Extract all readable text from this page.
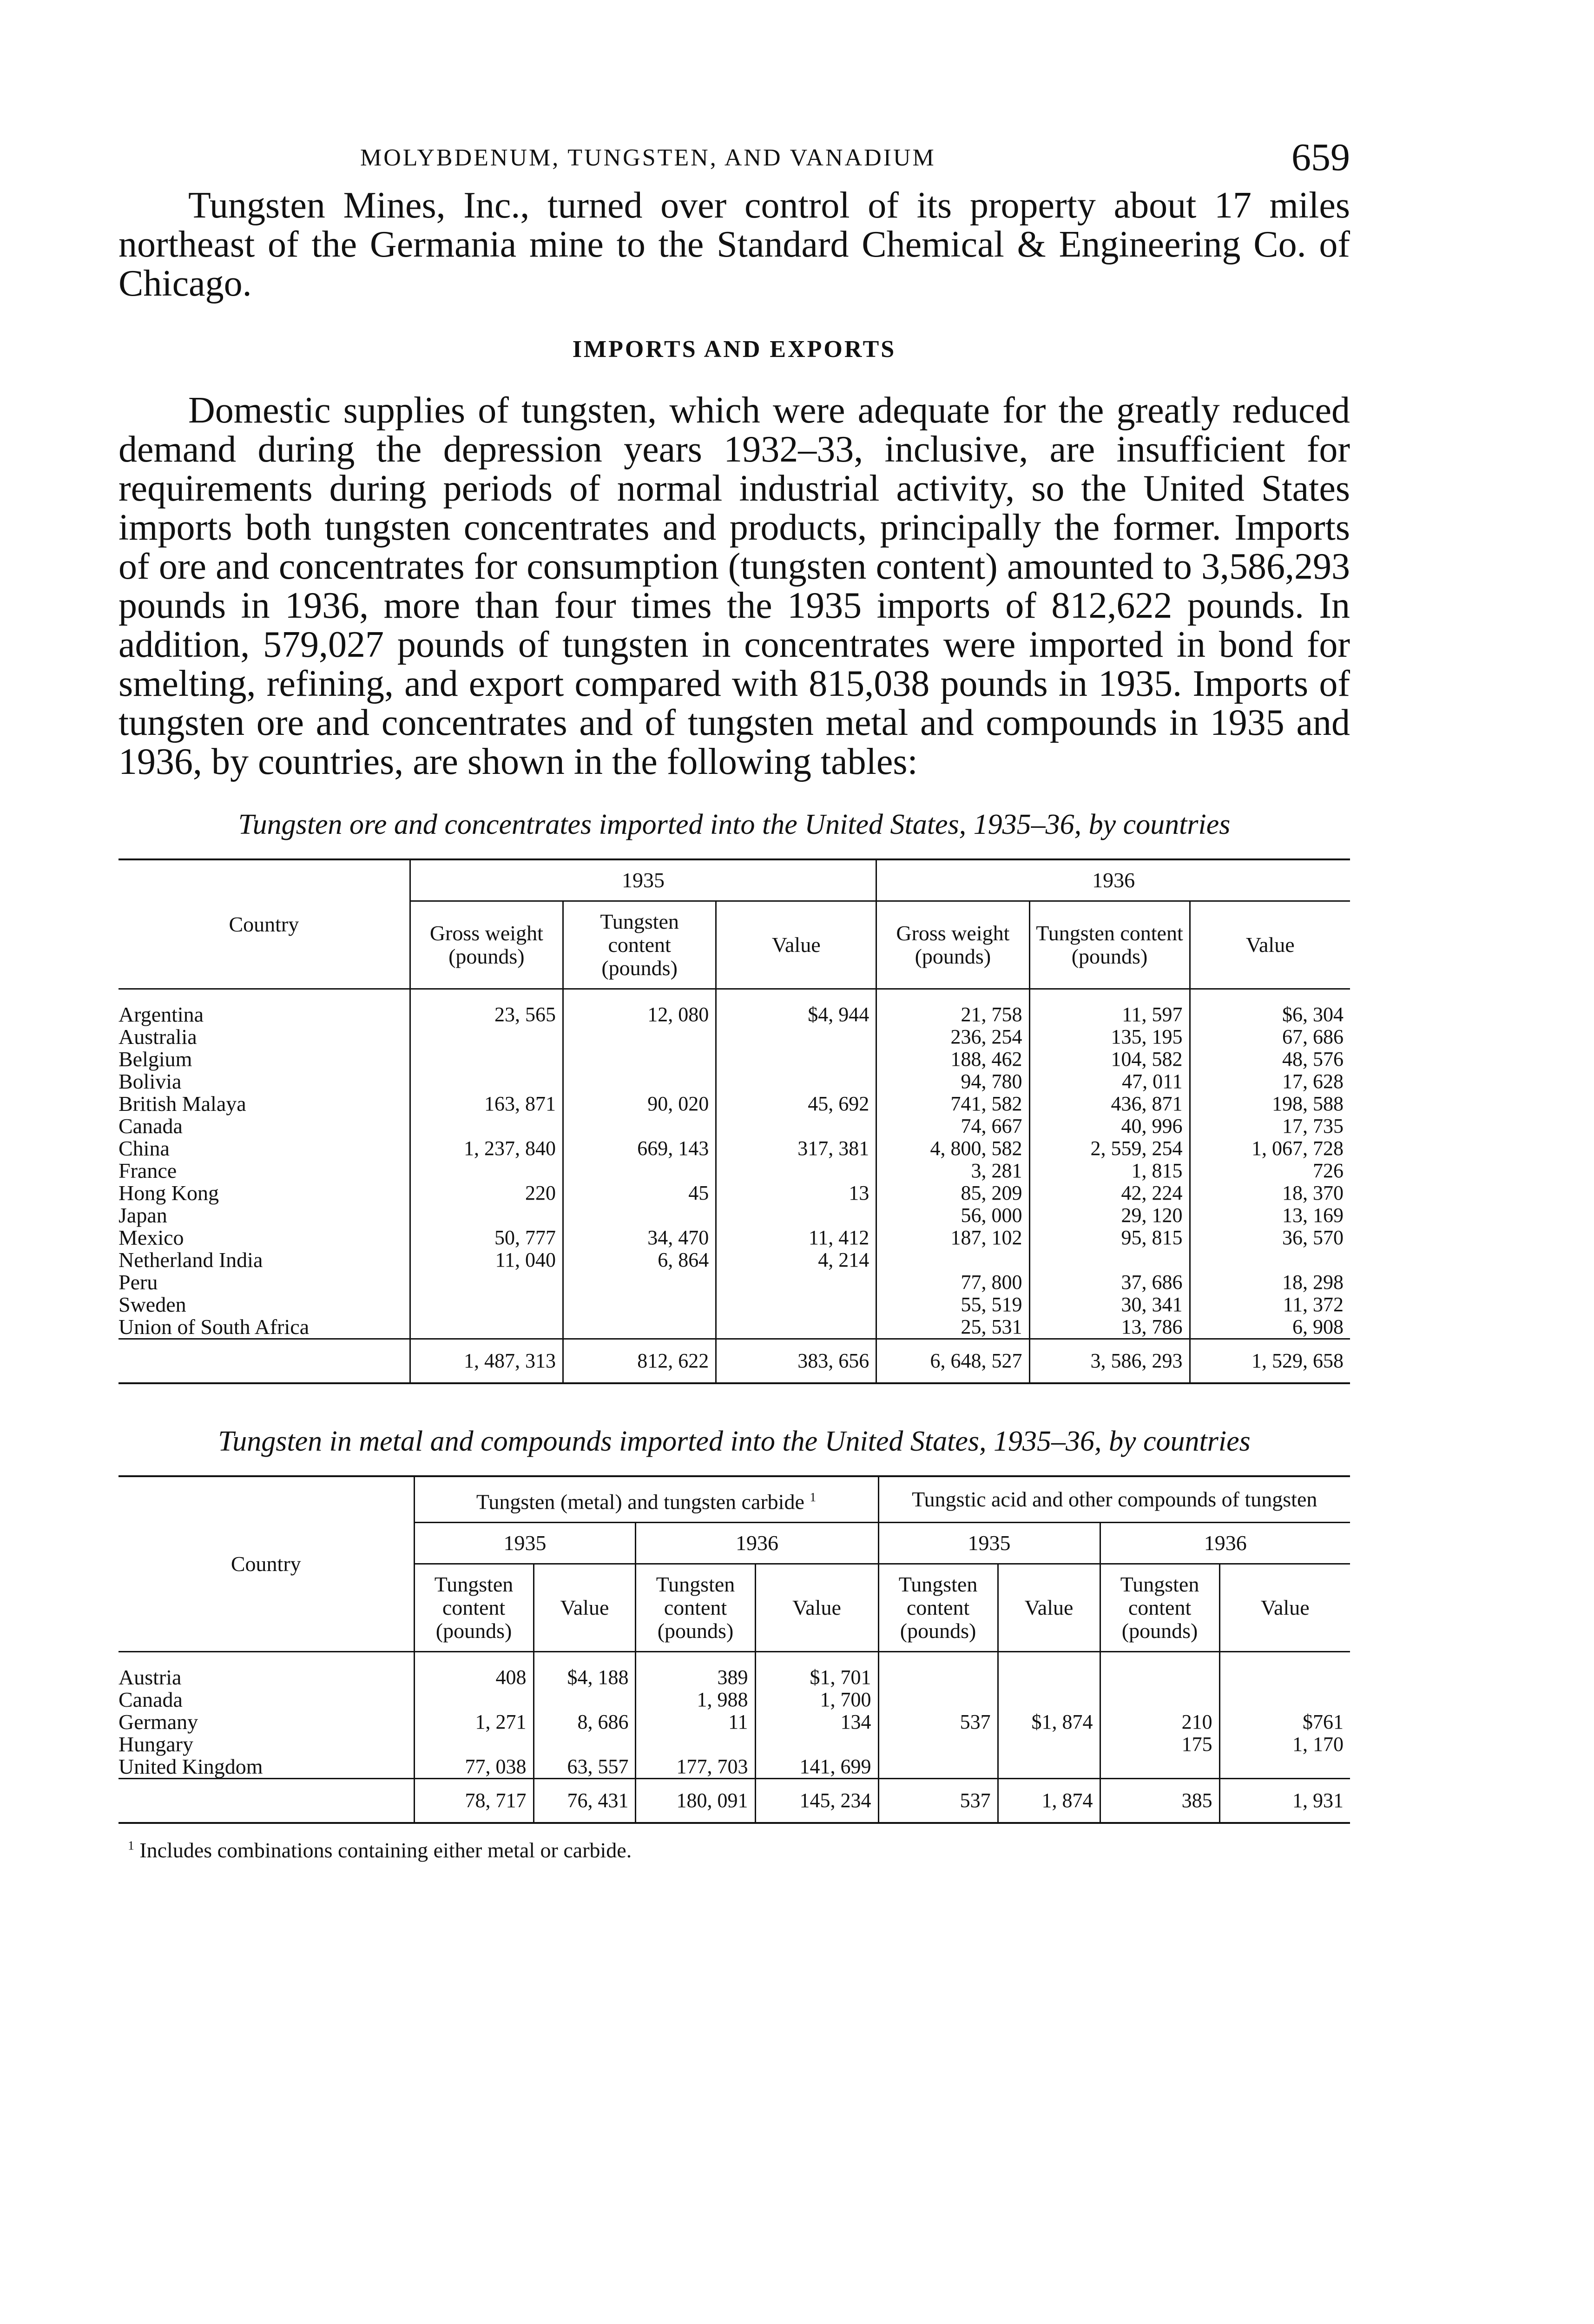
MOLYBDENUM, TUNGSTEN, AND VANADIUM	659

Tungsten Mines, Inc., turned over control of its property about 17 miles northeast of the Germania mine to the Standard Chemical & Engineering Co. of Chicago.

IMPORTS AND EXPORTS

Domestic supplies of tungsten, which were adequate for the greatly reduced demand during the depression years 1932–33, inclusive, are insufficient for requirements during periods of normal industrial activity, so the United States imports both tungsten concentrates and products, principally the former. Imports of ore and concentrates for consumption (tungsten content) amounted to 3,586,293 pounds in 1936, more than four times the 1935 imports of 812,622 pounds. In addition, 579,027 pounds of tungsten in concentrates were imported in bond for smelting, refining, and export compared with 815,038 pounds in 1935. Imports of tungsten ore and concentrates and of tungsten metal and compounds in 1935 and 1936, by countries, are shown in the following tables:

Tungsten ore and concentrates imported into the United States, 1935–36, by countries
Country	1935			1936		
	Gross weight (pounds)	Tungsten content (pounds)	Value	Gross weight (pounds)	Tungsten content (pounds)	Value

Argentina	23, 565	12, 080	$4, 944	21, 758	11, 597	$6, 304
Australia				236, 254	135, 195	67, 686
Belgium				188, 462	104, 582	48, 576
Bolivia				94, 780	47, 011	17, 628
British Malaya	163, 871	90, 020	45, 692	741, 582	436, 871	198, 588
Canada				74, 667	40, 996	17, 735
China	1, 237, 840	669, 143	317, 381	4, 800, 582	2, 559, 254	1, 067, 728
France				3, 281	1, 815	726
Hong Kong	220	45	13	85, 209	42, 224	18, 370
Japan				56, 000	29, 120	13, 169
Mexico	50, 777	34, 470	11, 412	187, 102	95, 815	36, 570
Netherland India	11, 040	6, 864	4, 214			
Peru				77, 800	37, 686	18, 298
Sweden				55, 519	30, 341	11, 372
Union of South Africa				25, 531	13, 786	6, 908
	1, 487, 313	812, 622	383, 656	6, 648, 527	3, 586, 293	1, 529, 658
Tungsten in metal and compounds imported into the United States, 1935–36, by countries
Country	Tungsten (metal) and tungsten carbide $^1$				Tungstic acid and other compounds of tungsten			
	1935		1936		1935		1936	
	Tungsten content (pounds)	Value	Tungsten content (pounds)	Value	Tungsten content (pounds)	Value	Tungsten content (pounds)	Value

Austria	408	$4, 188	389	$1, 701				
Canada			1, 988	1, 700				
Germany	1, 271	8, 686	11	134	537	$1, 874	210	$761
Hungary							175	1, 170
United Kingdom	77, 038	63, 557	177, 703	141, 699				
	78, 717	76, 431	180, 091	145, 234	537	1, 874	385	1, 931
$^1$ Includes combinations containing either metal or carbide.
